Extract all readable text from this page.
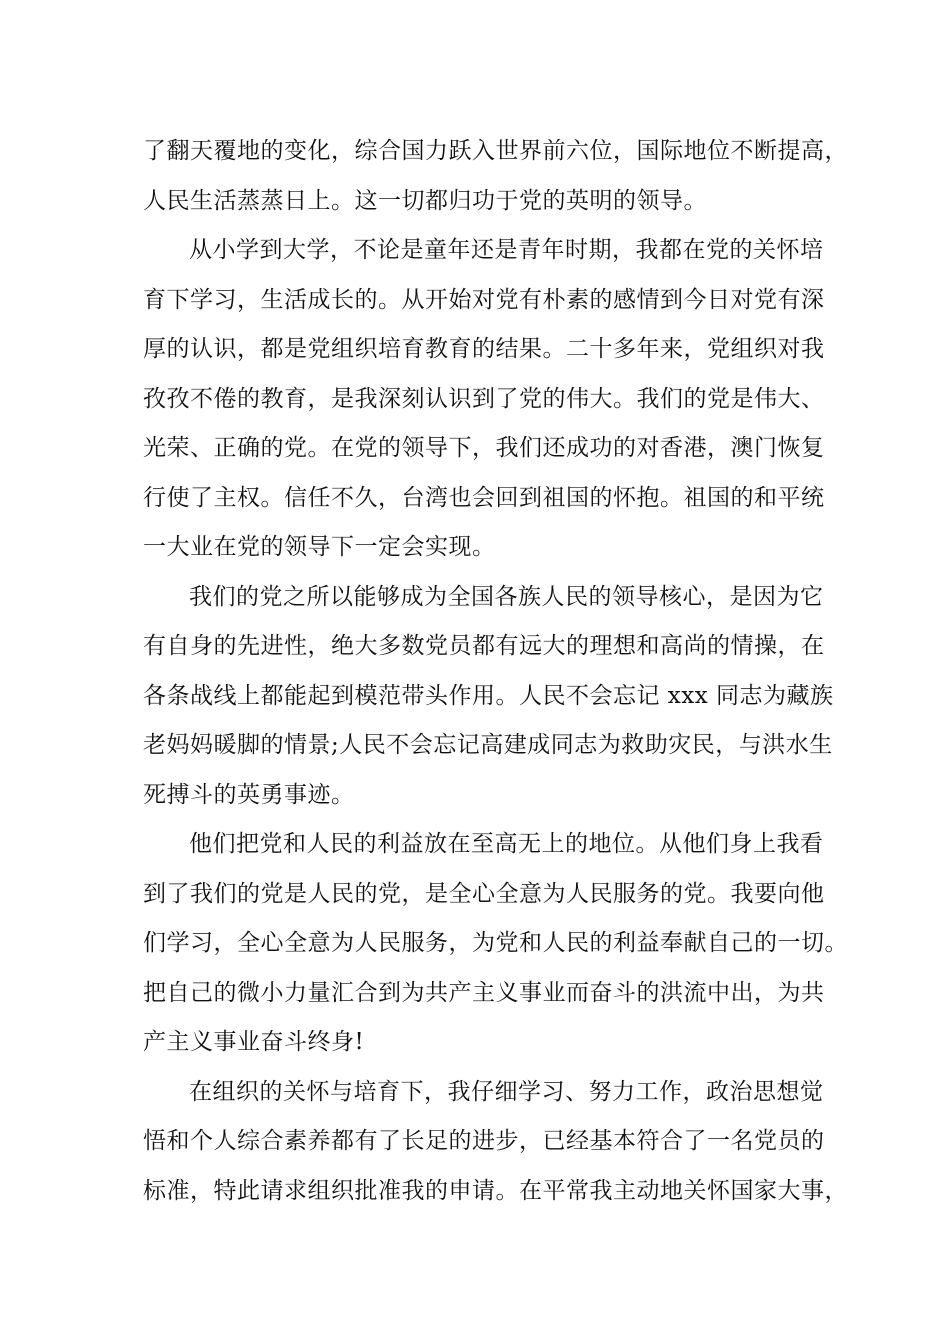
了翻天覆地的变化，综合国力跃入世界前六位，国际地位不断提高，
人民生活蒸蒸日上。这一切都归功于党的英明的领导。
从小学到大学，不论是童年还是青年时期，我都在党的关怀培
育下学习，生活成长的。从开始对党有朴素的感情到今日对党有深
厚的认识，都是党组织培育教育的结果。二十多年来，党组织对我
孜孜不倦的教育，是我深刻认识到了党的伟大。我们的党是伟大、
光荣、正确的党。在党的领导下，我们还成功的对香港，澳门恢复
行使了主权。信任不久，台湾也会回到祖国的怀抱。祖国的和平统
一大业在党的领导下一定会实现。
我们的党之所以能够成为全国各族人民的领导核心，是因为它
有自身的先进性，绝大多数党员都有远大的理想和高尚的情操，在
各条战线上都能起到模范带头作用。人民不会忘记 xxx 同志为藏族
老妈妈暖脚的情景;人民不会忘记高建成同志为救助灾民，与洪水生
死搏斗的英勇事迹。
他们把党和人民的利益放在至高无上的地位。从他们身上我看
到了我们的党是人民的党，是全心全意为人民服务的党。我要向他
们学习，全心全意为人民服务，为党和人民的利益奉献自己的一切。
把自己的微小力量汇合到为共产主义事业而奋斗的洪流中出，为共
产主义事业奋斗终身!
在组织的关怀与培育下，我仔细学习、努力工作，政治思想觉
悟和个人综合素养都有了长足的进步，已经基本符合了一名党员的
标准，特此请求组织批准我的申请。在平常我主动地关怀国家大事，
